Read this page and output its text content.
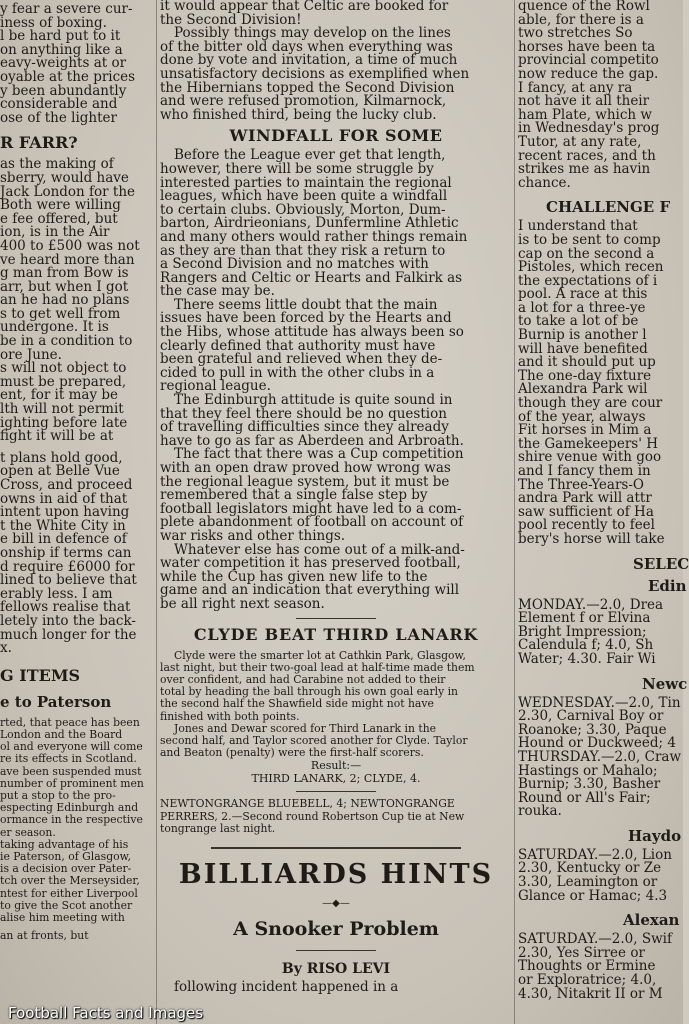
y fear a severe cur-

iness of boxing.

l be hard put to it

on anything like a

eavy-weights at or

oyable at the prices

y been abundantly

considerable and

ose of the lighter

R FARR?

as the making of

sberry, would have

Jack London for the

Both were willing

e fee offered, but

ion, is in the Air

400 to £500 was not

ve heard more than

g man from Bow is

arr, but when I got

an he had no plans

s to get well from

undergone. It is

be in a condition to

ore June.

s will not object to

must be prepared,

ent, for it may be

lth will not permit

ighting before late

fight it will be at

t plans hold good,

open at Belle Vue

Cross, and proceed

owns in aid of that

intent upon having

t the White City in

e bill in defence of

onship if terms can

d require £6000 for

lined to believe that

erably less. I am

fellows realise that

letely into the back-

much longer for the

x.

G ITEMS
e to Paterson

rted, that peace has been

London and the Board

ol and everyone will come

re its effects in Scotland.

ave been suspended must

number of prominent men

put a stop to the pro-

especting Edinburgh and

ormance in the respective

er season.

taking advantage of his

ie Paterson, of Glasgow,

is a decision over Pater-

tch over the Merseysider,

ntest for either Liverpool

to give the Scot another

alise him meeting with

an at fronts, but

it would appear that Celtic are booked for

the Second Division!

Possibly things may develop on the lines

of the bitter old days when everything was

done by vote and invitation, a time of much

unsatisfactory decisions as exemplified when

the Hibernians topped the Second Division

and were refused promotion, Kilmarnock,

who finished third, being the lucky club.

WINDFALL FOR SOME

Before the League ever get that length,

however, there will be some struggle by

interested parties to maintain the regional

leagues, which have been quite a windfall

to certain clubs. Obviously, Morton, Dum-

barton, Airdrieonians, Dunfermline Athletic

and many others would rather things remain

as they are than that they risk a return to

a Second Division and no matches with

Rangers and Celtic or Hearts and Falkirk as

the case may be.

There seems little doubt that the main

issues have been forced by the Hearts and

the Hibs, whose attitude has always been so

clearly defined that authority must have

been grateful and relieved when they de-

cided to pull in with the other clubs in a

regional league.

The Edinburgh attitude is quite sound in

that they feel there should be no question

of travelling difficulties since they already

have to go as far as Aberdeen and Arbroath.

The fact that there was a Cup competition

with an open draw proved how wrong was

the regional league system, but it must be

remembered that a single false step by

football legislators might have led to a com-

plete abandonment of football on account of

war risks and other things.

Whatever else has come out of a milk-and-

water competition it has preserved football,

while the Cup has given new life to the

game and an indication that everything will

be all right next season.

CLYDE BEAT THIRD LANARK

Clyde were the smarter lot at Cathkin Park, Glasgow,

last night, but their two-goal lead at half-time made them

over confident, and had Carabine not added to their

total by heading the ball through his own goal early in

the second half the Shawfield side might not have

finished with both points.

Jones and Dewar scored for Third Lanark in the

second half, and Taylor scored another for Clyde. Taylor

and Beaton (penalty) were the first-half scorers.

Result:—
THIRD LANARK, 2; CLYDE, 4.

NEWTONGRANGE BLUEBELL, 4; NEWTONGRANGE

PERRERS, 2.—Second round Robertson Cup tie at New

tongrange last night.

BILLIARDS HINTS
—◆—
A Snooker Problem
By RISO LEVI

following incident happened in a

quence of the Rowl

able, for there is a

two stretches So

horses have been ta

provincial competito

now reduce the gap.

I fancy, at any ra

not have it all their

ham Plate, which w

in Wednesday's prog

Tutor, at any rate,

recent races, and th

strikes me as havin

chance.

CHALLENGE F

I understand that

is to be sent to comp

cap on the second a

Pistoles, which recen

the expectations of i

pool. A race at this

a lot for a three-ye

to take a lot of be

Burnip is another l

will have benefited

and it should put up

The one-day fixture

Alexandra Park wil

though they are cour

of the year, always

Fit horses in Mim a

the Gamekeepers' H

shire venue with goo

and I fancy them in

The Three-Years-O

andra Park will attr

saw sufficient of Ha

pool recently to feel

bery's horse will take

SELEC
Edin

MONDAY.—2.0, Drea

Element f or Elvina

Bright Impression;

Calendula f; 4.0, Sh

Water; 4.30. Fair Wi

Newc

WEDNESDAY.—2.0, Tin

2.30, Carnival Boy or

Roanoke; 3.30, Paque

Hound or Duckweed; 4

THURSDAY.—2.0, Craw

Hastings or Mahalo;

Burnip; 3.30, Basher

Round or All's Fair;

rouka.

Haydo

SATURDAY.—2.0, Lion

2.30, Kentucky or Ze

3.30, Leamington or

Glance or Hamac; 4.3

Alexan

SATURDAY.—2.0, Swif

2.30, Yes Sirree or

Thoughts or Ermine

or Exploratrice; 4.0,

4.30, Nitakrit II or M

Football Facts and Images
